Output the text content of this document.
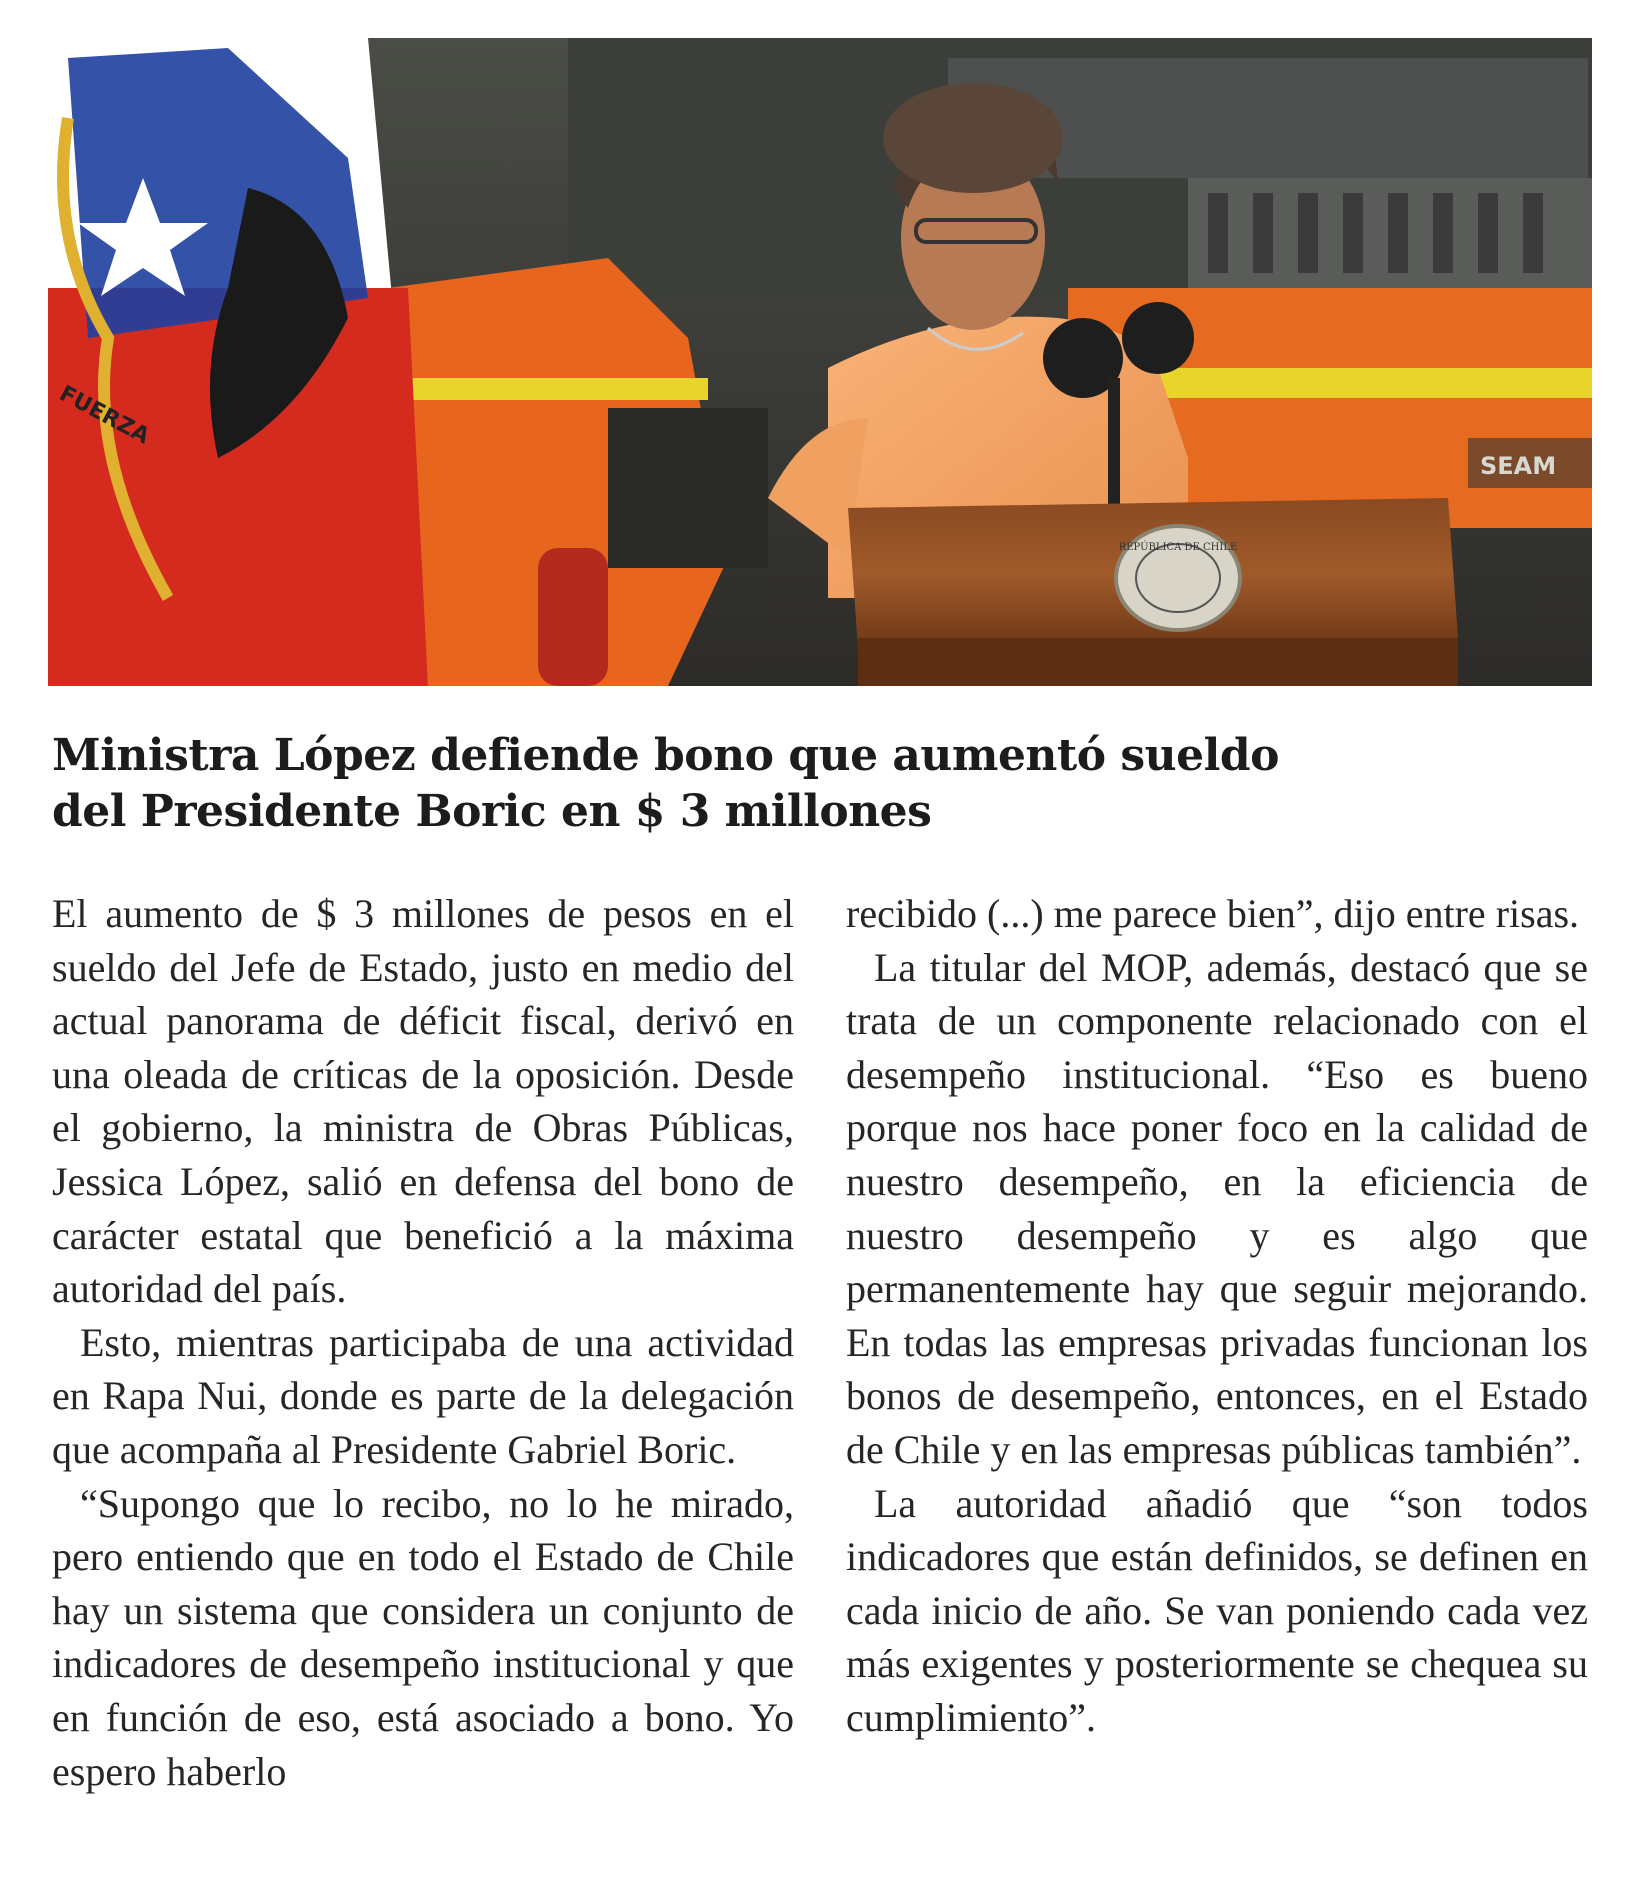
SEAM
FUERZA
REPÚBLICA DE CHILE
Ministra López defiende bono que aumentó sueldo
del Presidente Boric en $ 3 millones

El aumento de $ 3 millones de pesos en el sueldo del Jefe de Estado, justo en medio del actual panorama de déficit fiscal, derivó en una oleada de críticas de la oposición. Desde el gobierno, la ministra de Obras Públicas, Jessica López, salió en defensa del bono de carácter estatal que benefició a la máxima autoridad del país.

Esto, mientras participaba de una actividad en Rapa Nui, donde es parte de la delegación que acompaña al Presidente Gabriel Boric.

“Supongo que lo recibo, no lo he mirado, pero entiendo que en todo el Estado de Chile hay un sistema que considera un conjunto de indicadores de desempeño institucional y que en función de eso, está asociado a bono. Yo espero haberlo

recibido (...) me parece bien”, dijo entre risas.

La titular del MOP, además, destacó que se trata de un componente relacionado con el desempeño institucional. “Eso es bueno porque nos hace poner foco en la calidad de nuestro desempeño, en la eficiencia de nuestro desempeño y es algo que permanentemente hay que seguir mejorando. En todas las empresas privadas funcionan los bonos de desempeño, entonces, en el Estado de Chile y en las empresas públicas también”.

La autoridad añadió que “son todos indicadores que están definidos, se definen en cada inicio de año. Se van poniendo cada vez más exigentes y posteriormente se chequea su cumplimiento”.
